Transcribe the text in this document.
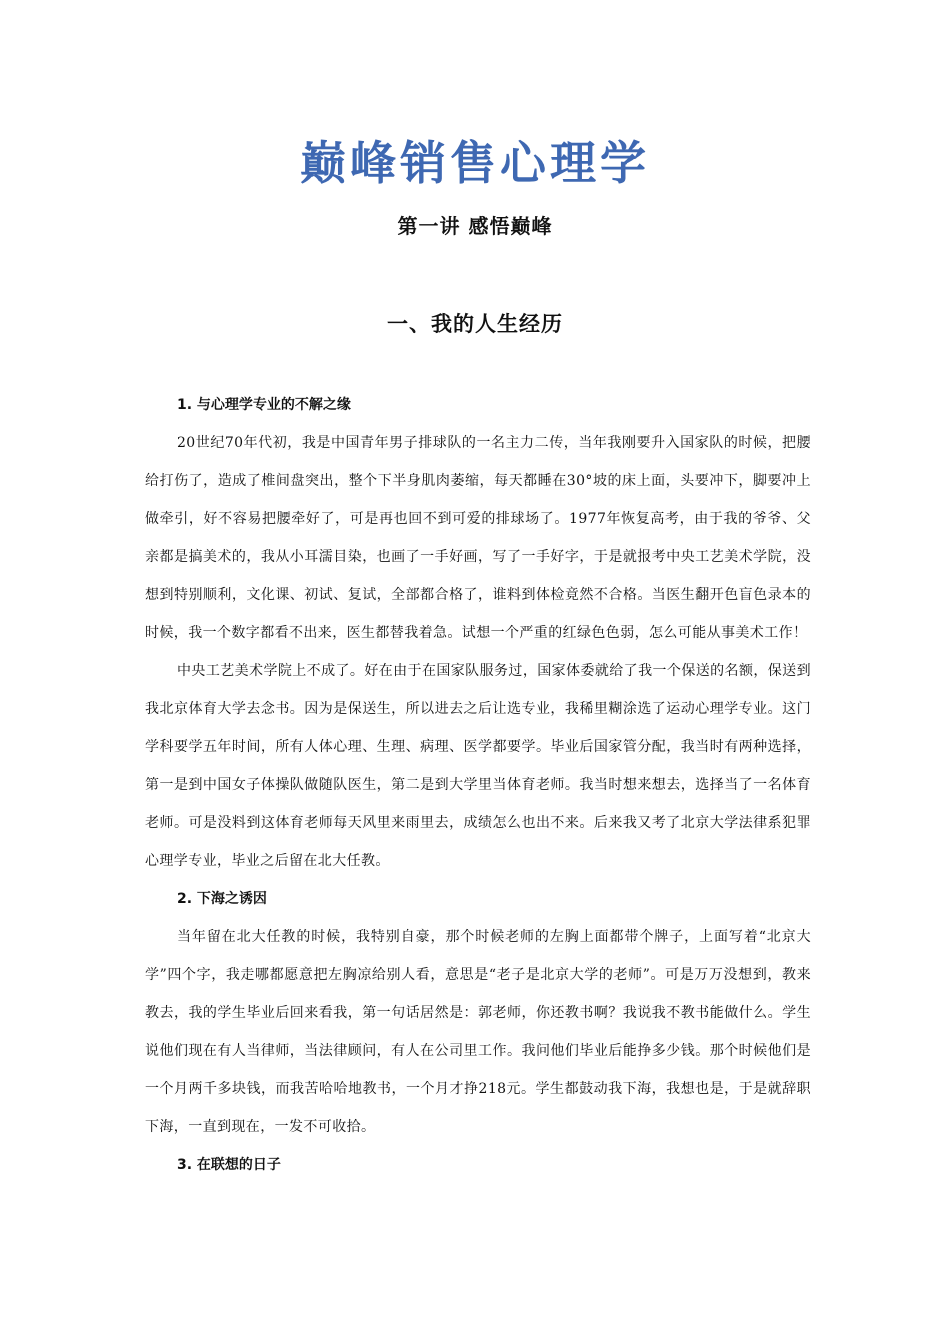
巅峰销售心理学
第一讲 感悟巅峰
一、我的人生经历
1. 与心理学专业的不解之缘

20世纪70年代初，我是中国青年男子排球队的一名主力二传，当年我刚要升入国家队的时候，把腰给打伤了，造成了椎间盘突出，整个下半身肌肉萎缩，每天都睡在30°坡的床上面，头要冲下，脚要冲上做牵引，好不容易把腰牵好了，可是再也回不到可爱的排球场了。1977年恢复高考，由于我的爷爷、父亲都是搞美术的，我从小耳濡目染，也画了一手好画，写了一手好字，于是就报考中央工艺美术学院，没想到特别顺利，文化课、初试、复试，全部都合格了，谁料到体检竟然不合格。当医生翻开色盲色录本的时候，我一个数字都看不出来，医生都替我着急。试想一个严重的红绿色色弱，怎么可能从事美术工作！

中央工艺美术学院上不成了。好在由于在国家队服务过，国家体委就给了我一个保送的名额，保送到我北京体育大学去念书。因为是保送生，所以进去之后让选专业，我稀里糊涂选了运动心理学专业。这门学科要学五年时间，所有人体心理、生理、病理、医学都要学。毕业后国家管分配，我当时有两种选择，第一是到中国女子体操队做随队医生，第二是到大学里当体育老师。我当时想来想去，选择当了一名体育老师。可是没料到这体育老师每天风里来雨里去，成绩怎么也出不来。后来我又考了北京大学法律系犯罪心理学专业，毕业之后留在北大任教。

2. 下海之诱因

当年留在北大任教的时候，我特别自豪，那个时候老师的左胸上面都带个牌子，上面写着“北京大学”四个字，我走哪都愿意把左胸凉给别人看，意思是“老子是北京大学的老师”。可是万万没想到，教来教去，我的学生毕业后回来看我，第一句话居然是：郭老师，你还教书啊？我说我不教书能做什么。学生说他们现在有人当律师，当法律顾问，有人在公司里工作。我问他们毕业后能挣多少钱。那个时候他们是一个月两千多块钱，而我苦哈哈地教书，一个月才挣218元。学生都鼓动我下海，我想也是，于是就辞职下海，一直到现在，一发不可收拾。

3. 在联想的日子
